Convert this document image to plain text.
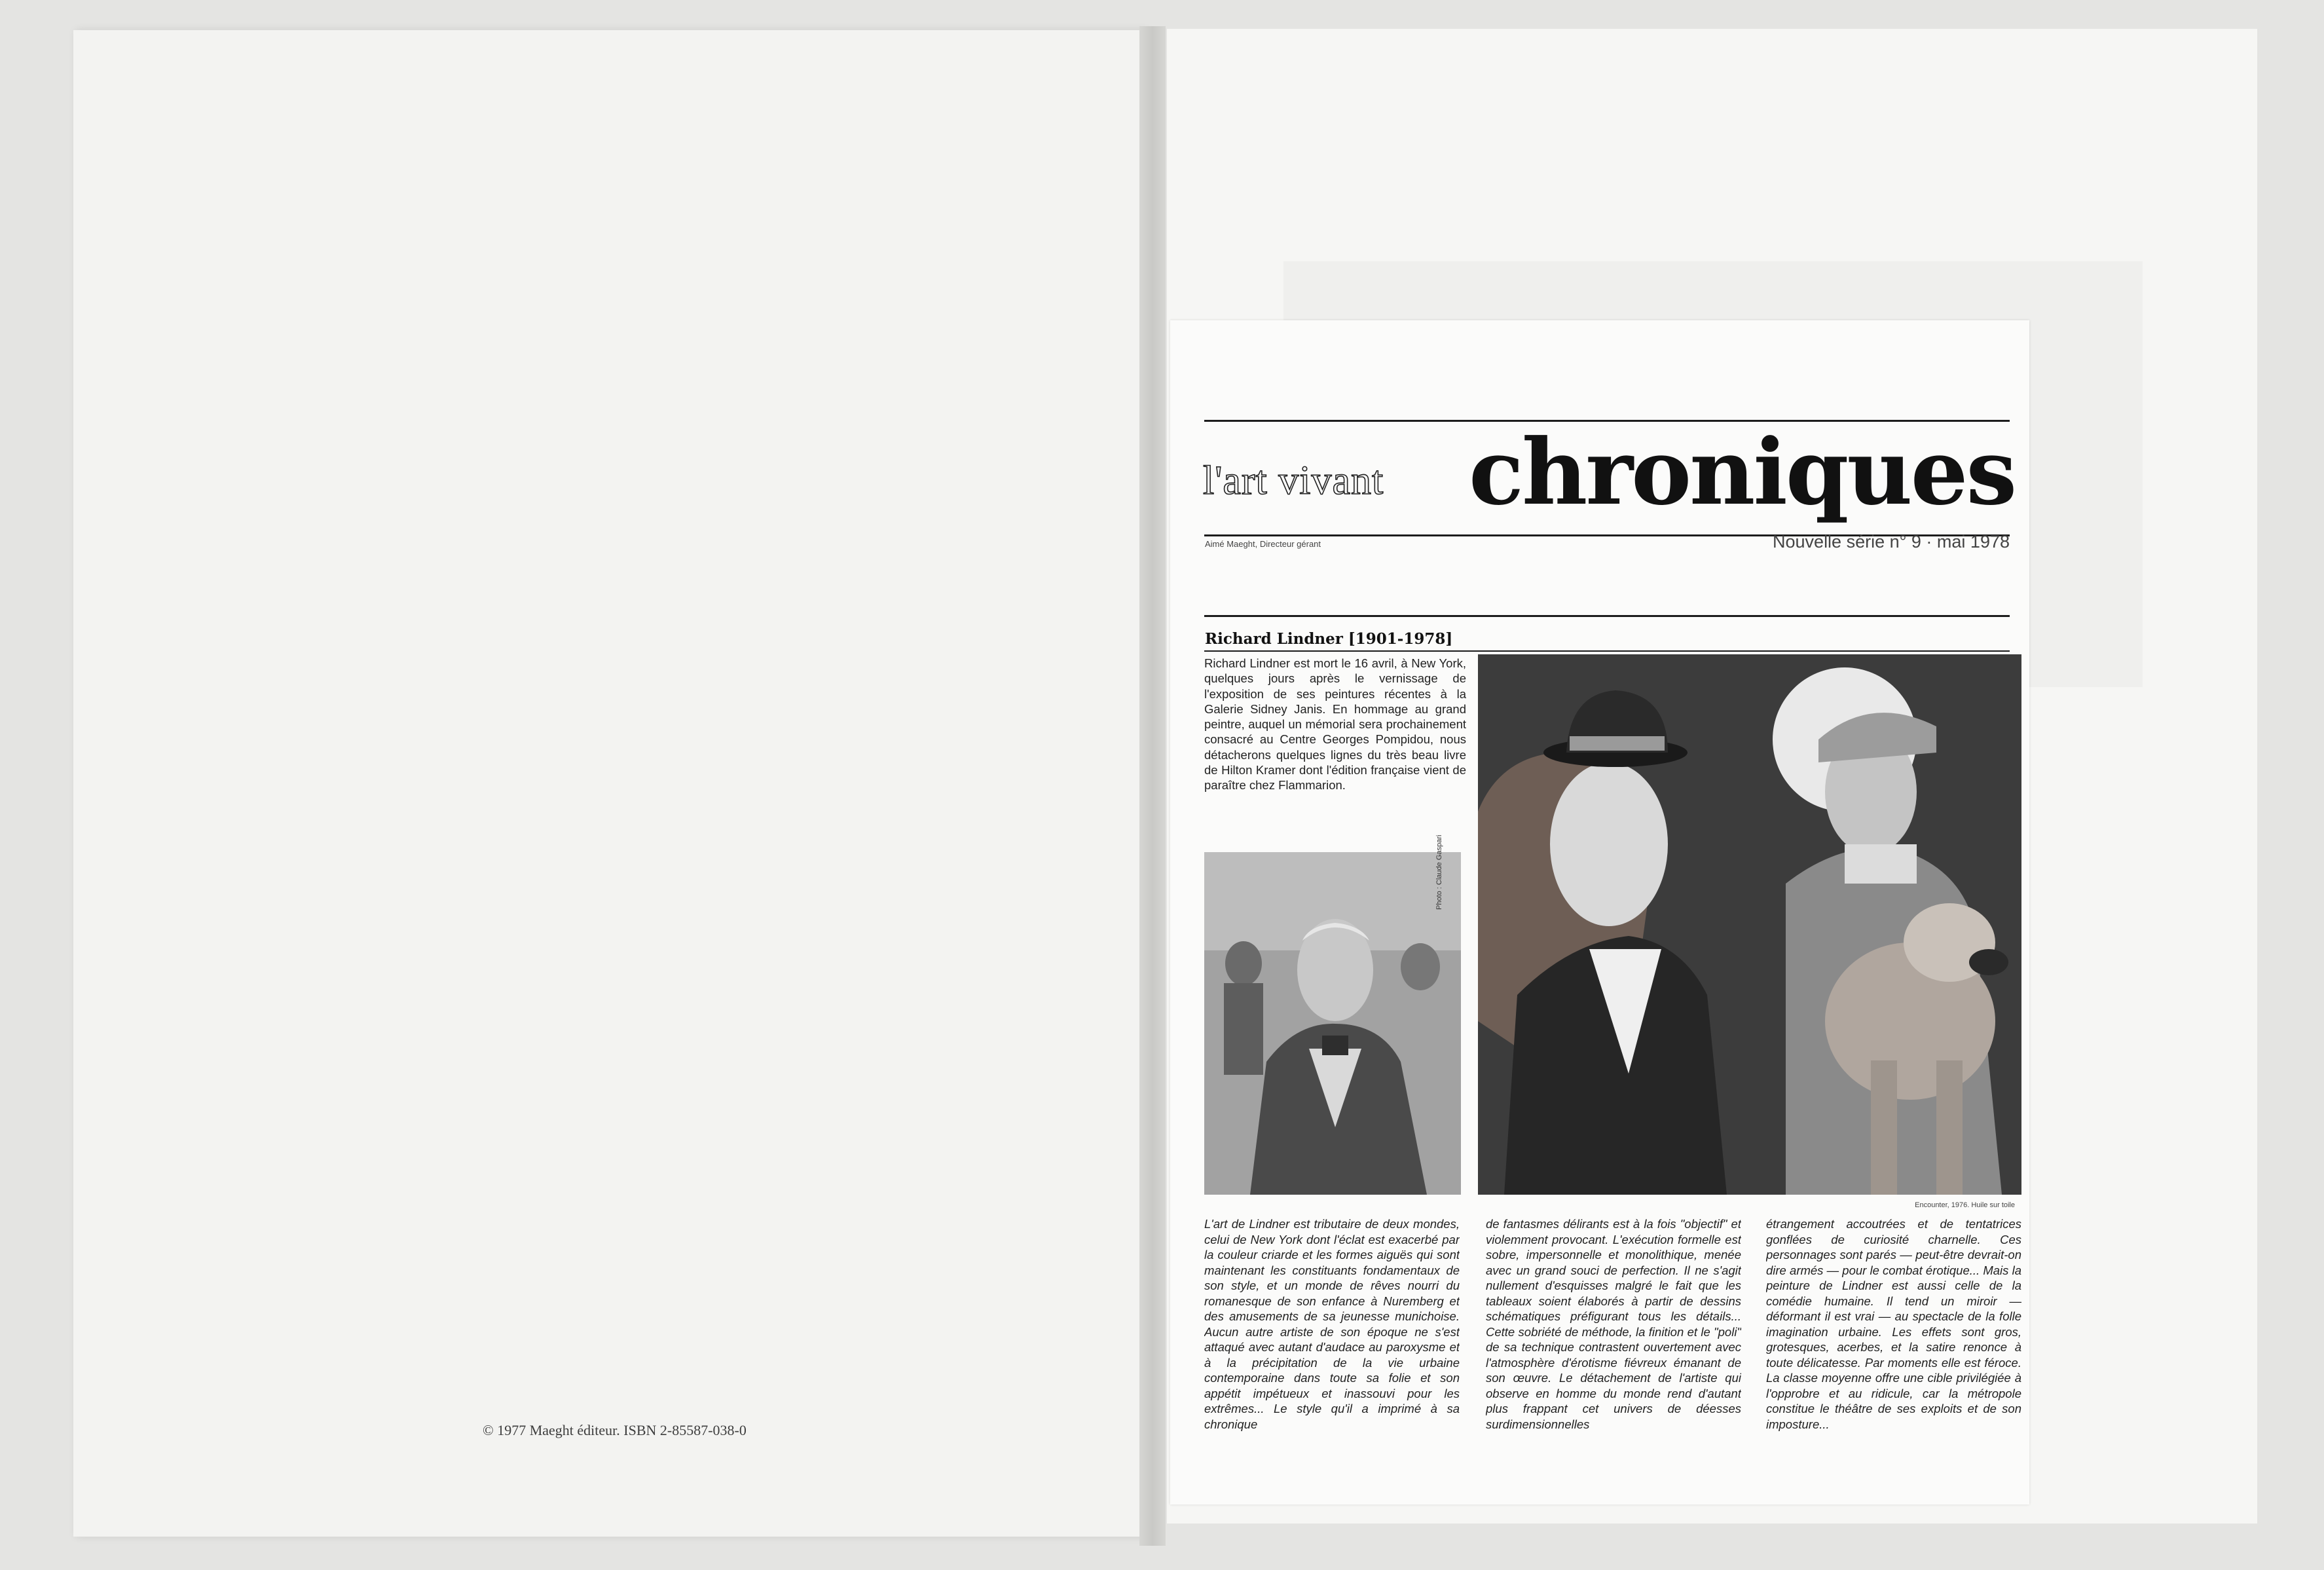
© 1977 Maeght éditeur. ISBN 2-85587-038-0
l'art vivant chroniques
Aimé Maeght, Directeur gérant	Nouvelle série n° 9 · mai 1978
Richard Lindner [1901-1978]
Richard Lindner est mort le 16 avril, à New York, quelques jours après le vernissage de l'exposition de ses peintures récentes à la Galerie Sidney Janis. En hommage au grand peintre, auquel un mémorial sera prochainement consacré au Centre Georges Pompidou, nous détacherons quelques lignes du très beau livre de Hilton Kramer dont l'édition française vient de paraître chez Flammarion.
Photo : Claude Gaspari
Encounter, 1976. Huile sur toile
L'art de Lindner est tributaire de deux mondes, celui de New York dont l'éclat est exacerbé par la couleur criarde et les formes aiguës qui sont maintenant les constituants fondamentaux de son style, et un monde de rêves nourri du romanesque de son enfance à Nuremberg et des amusements de sa jeunesse munichoise. Aucun autre artiste de son époque ne s'est attaqué avec autant d'audace au paroxysme et à la précipitation de la vie urbaine contemporaine dans toute sa folie et son appétit impétueux et inassouvi pour les extrêmes... Le style qu'il a imprimé à sa chronique
de fantasmes délirants est à la fois "objectif" et violemment provocant. L'exécution formelle est sobre, impersonnelle et monolithique, menée avec un grand souci de perfection. Il ne s'agit nullement d'esquisses malgré le fait que les tableaux soient élaborés à partir de dessins schématiques préfigurant tous les détails... Cette sobriété de méthode, la finition et le "poli" de sa technique contrastent ouvertement avec l'atmosphère d'érotisme fiévreux émanant de son œuvre. Le détachement de l'artiste qui observe en homme du monde rend d'autant plus frappant cet univers de déesses surdimensionnelles
étrangement accoutrées et de tentatrices gonflées de curiosité charnelle. Ces personnages sont parés — peut-être devrait-on dire armés — pour le combat érotique... Mais la peinture de Lindner est aussi celle de la comédie humaine. Il tend un miroir — déformant il est vrai — au spectacle de la folle imagination urbaine. Les effets sont gros, grotesques, acerbes, et la satire renonce à toute délicatesse. Par moments elle est féroce. La classe moyenne offre une cible privilégiée à l'opprobre et au ridicule, car la métropole constitue le théâtre de ses exploits et de son imposture...
